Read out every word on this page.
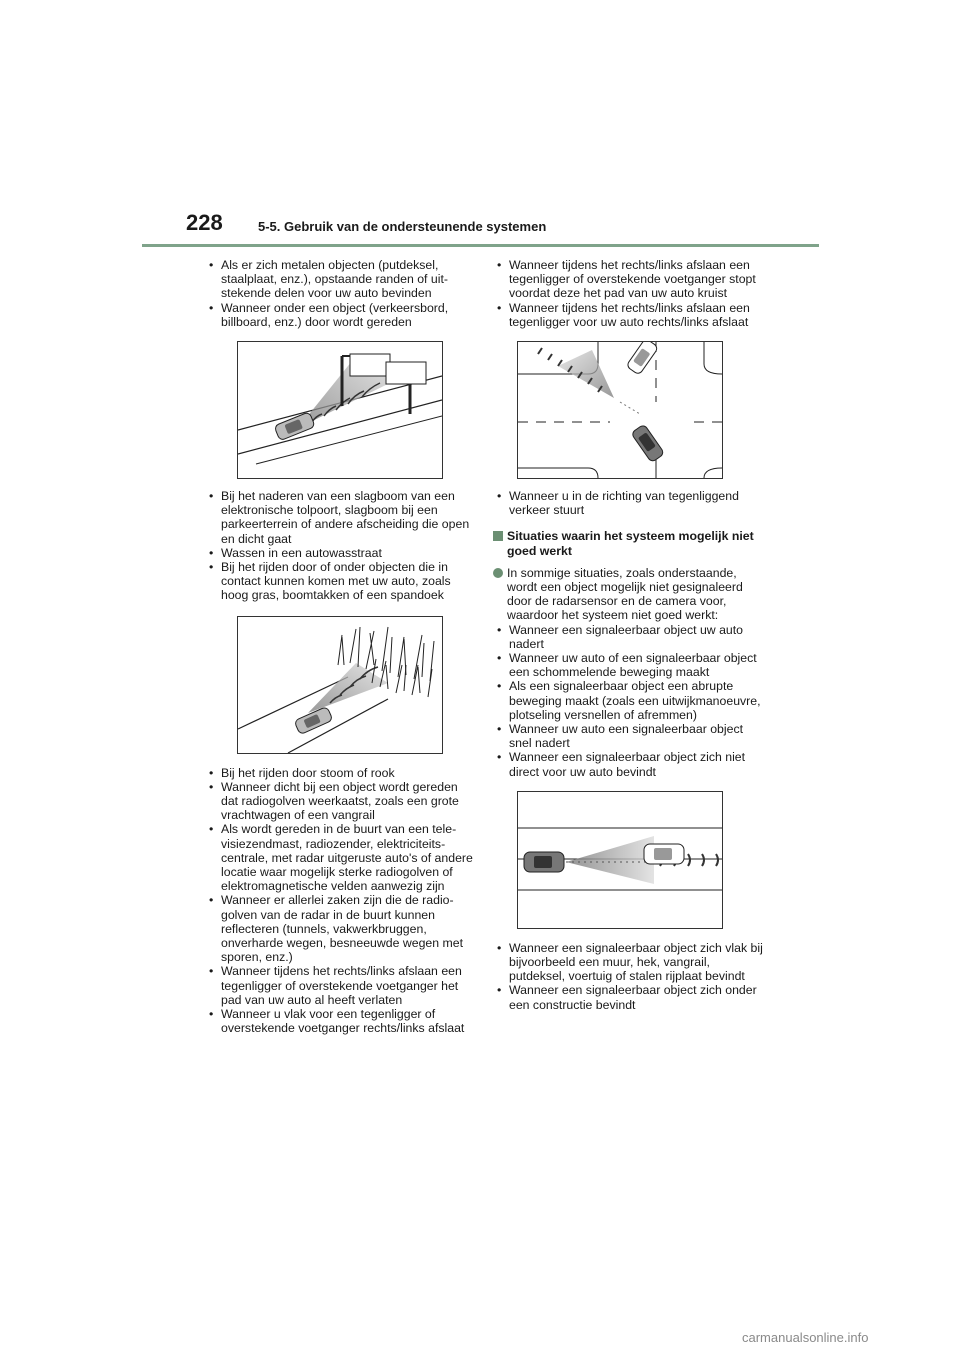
228	5-5. Gebruik van de ondersteunende systemen
• Als er zich metalen objecten (putdeksel, staalplaat, enz.), opstaande randen of uitstekende delen voor uw auto bevinden
• Wanneer onder een object (verkeersbord, billboard, enz.) door wordt gereden
• Bij het naderen van een slagboom van een elektronische tolpoort, slagboom bij een parkeerterrein of andere afscheiding die open en dicht gaat
• Wassen in een autowasstraat
• Bij het rijden door of onder objecten die in contact kunnen komen met uw auto, zoals hoog gras, boomtakken of een spandoek
• Bij het rijden door stoom of rook
• Wanneer dicht bij een object wordt gereden dat radiogolven weerkaatst, zoals een grote vrachtwagen of een vangrail
• Als wordt gereden in de buurt van een televisiezendmast, radiozender, elektriciteitscentrale, met radar uitgeruste auto's of andere locatie waar mogelijk sterke radiogolven of elektromagnetische velden aanwezig zijn
• Wanneer er allerlei zaken zijn die de radiogolven van de radar in de buurt kunnen reflecteren (tunnels, vakwerkbruggen, onverharde wegen, besneeuwde wegen met sporen, enz.)
• Wanneer tijdens het rechts/links afslaan een tegenligger of overstekende voetganger het pad van uw auto al heeft verlaten
• Wanneer u vlak voor een tegenligger of overstekende voetganger rechts/links afslaat
• Wanneer tijdens het rechts/links afslaan een tegenligger of overstekende voetganger stopt voordat deze het pad van uw auto kruist
• Wanneer tijdens het rechts/links afslaan een tegenligger voor uw auto rechts/links afslaat
• Wanneer u in de richting van tegenliggend verkeer stuurt
Situaties waarin het systeem mogelijk niet goed werkt
In sommige situaties, zoals onderstaande, wordt een object mogelijk niet gesignaleerd door de radarsensor en de camera voor, waardoor het systeem niet goed werkt:
• Wanneer een signaleerbaar object uw auto nadert
• Wanneer uw auto of een signaleerbaar object een schommelende beweging maakt
• Als een signaleerbaar object een abrupte beweging maakt (zoals een uitwijkmanoeuvre, plotseling versnellen of afremmen)
• Wanneer uw auto een signaleerbaar object snel nadert
• Wanneer een signaleerbaar object zich niet direct voor uw auto bevindt
• Wanneer een signaleerbaar object zich vlak bij bijvoorbeeld een muur, hek, vangrail, putdeksel, voertuig of stalen rijplaat bevindt
• Wanneer een signaleerbaar object zich onder een constructie bevindt
carmanualsonline.info
